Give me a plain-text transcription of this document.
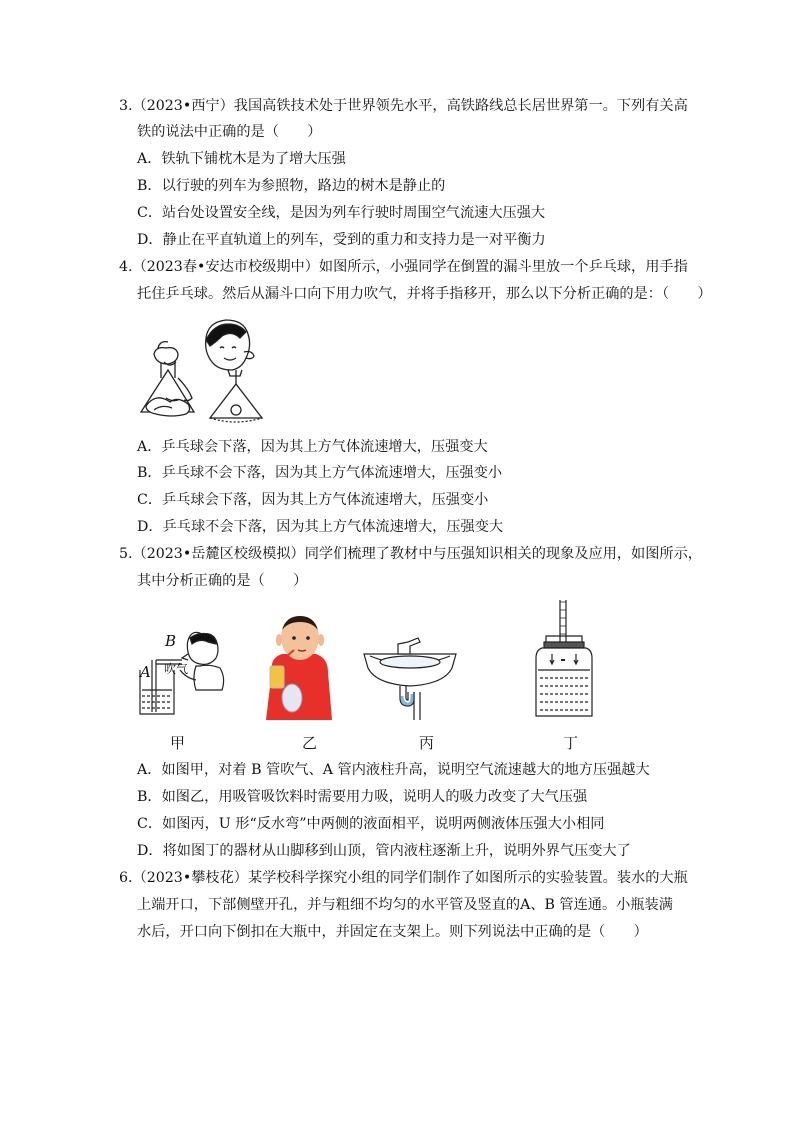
3.（2023•西宁）我国高铁技术处于世界领先水平，高铁路线总长居世界第一。下列有关高
铁的说法中正确的是（　　）
A．铁轨下铺枕木是为了增大压强
B．以行驶的列车为参照物，路边的树木是静止的
C．站台处设置安全线，是因为列车行驶时周围空气流速大压强大
D．静止在平直轨道上的列车，受到的重力和支持力是一对平衡力
4.（2023春•安达市校级期中）如图所示，小强同学在倒置的漏斗里放一个乒乓球，用手指
托住乒乓球。然后从漏斗口向下用力吹气，并将手指移开，那么以下分析正确的是：（　　）
A．乒乓球会下落，因为其上方气体流速增大，压强变大
B．乒乓球不会下落，因为其上方气体流速增大，压强变小
C．乒乓球会下落，因为其上方气体流速增大，压强变小
D．乒乓球不会下落，因为其上方气体流速增大，压强变大
5.（2023•岳麓区校级模拟）同学们梳理了教材中与压强知识相关的现象及应用，如图所示，
其中分析正确的是（　　）
B
A 吹气
甲	乙	丙	丁
A．如图甲，对着 B 管吹气、A 管内液柱升高，说明空气流速越大的地方压强越大
B．如图乙，用吸管吸饮料时需要用力吸，说明人的吸力改变了大气压强
C．如图丙，U 形“反水弯”中两侧的液面相平，说明两侧液体压强大小相同
D．将如图丁的器材从山脚移到山顶，管内液柱逐渐上升，说明外界气压变大了
6.（2023•攀枝花）某学校科学探究小组的同学们制作了如图所示的实验装置。装水的大瓶
上端开口，下部侧壁开孔，并与粗细不均匀的水平管及竖直的A、B 管连通。小瓶装满
水后，开口向下倒扣在大瓶中，并固定在支架上。则下列说法中正确的是（　　）
